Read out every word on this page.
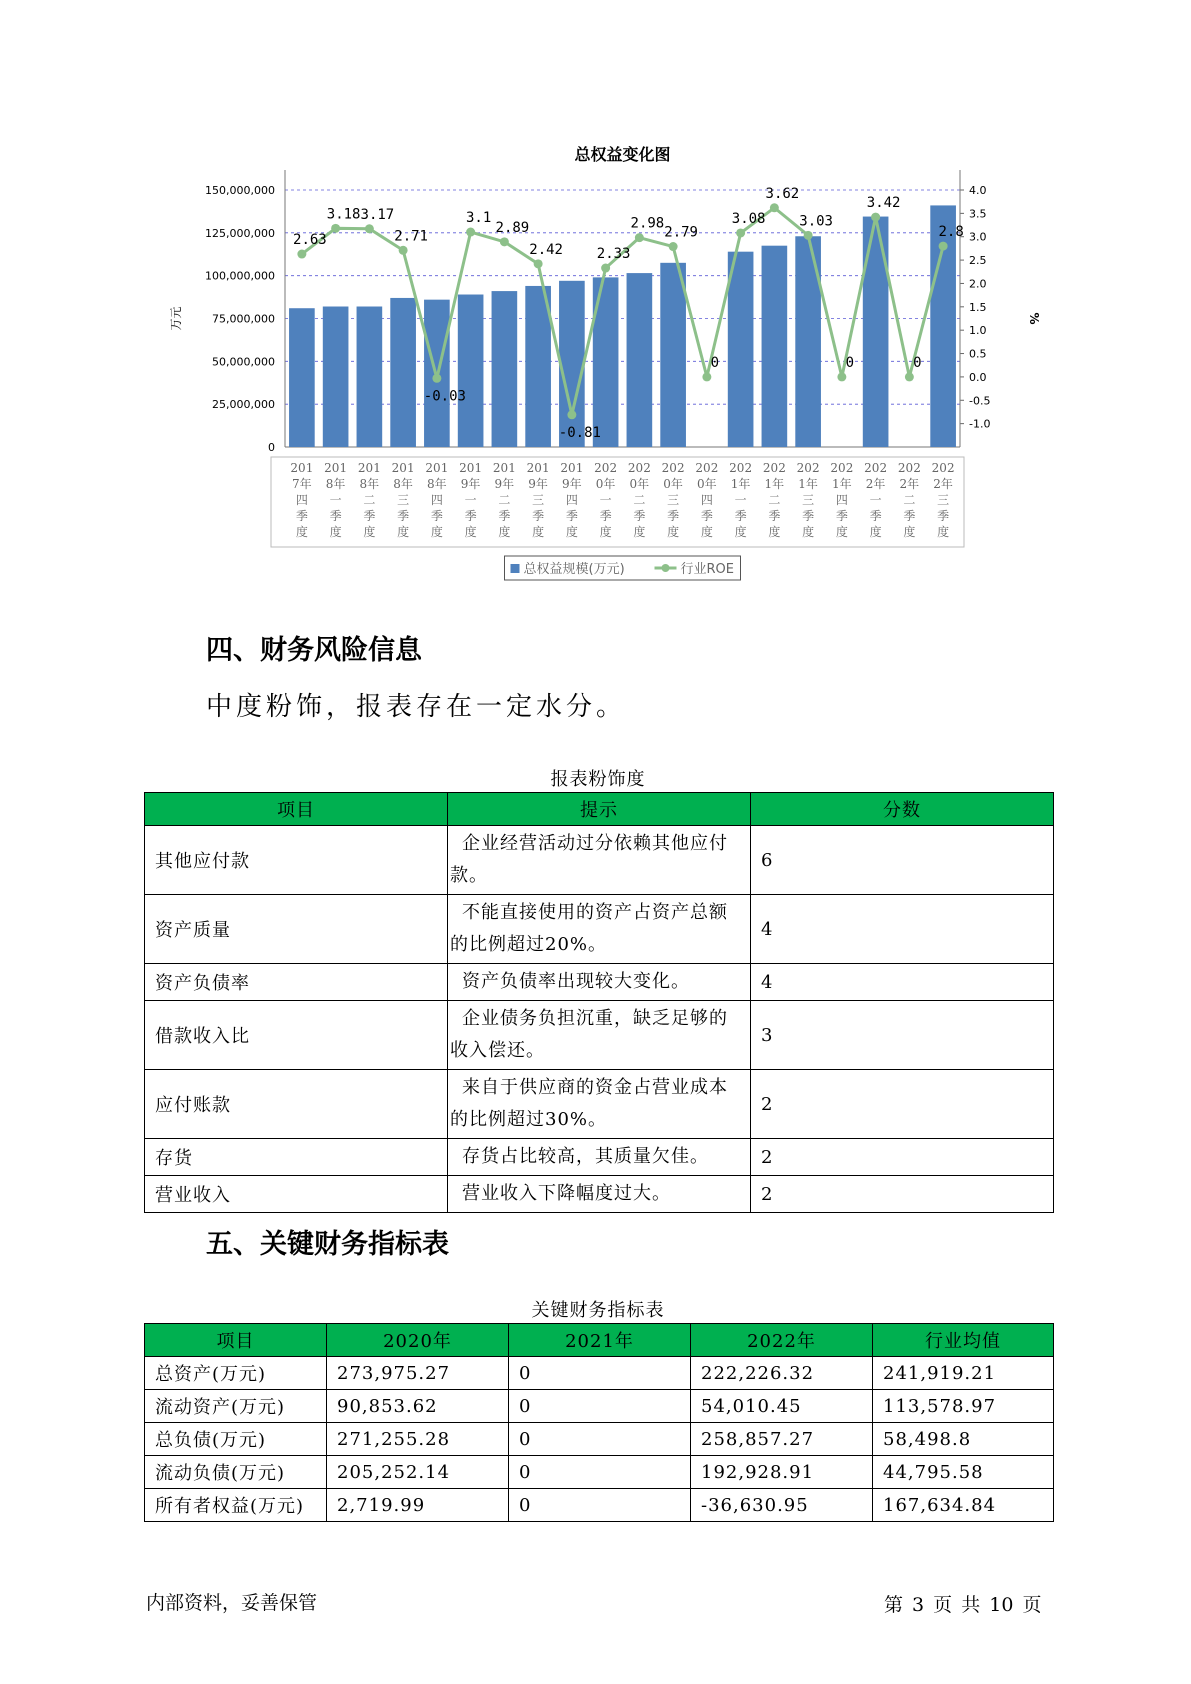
总权益变化图
0
25,000,000
50,000,000
75,000,000
100,000,000
125,000,000
150,000,000
-1.0
-0.5
0.0
0.5
1.0
1.5
2.0
2.5
3.0
3.5
4.0
万元	%
201 7年四季度
201 8年一季度
201 8年二季度
201 8年三季度
201 8年四季度
201 9年一季度
201 9年二季度
201 9年三季度
201 9年四季度
202 0年一季度
202 0年二季度
202 0年三季度
202 0年四季度
202 1年一季度
202 1年二季度
202 1年三季度
202 1年四季度
202 2年一季度
202 2年二季度
202 2年三季度
2.63
3.18 3.17
2.71
-0.03
3.1
2.89
2.42
-0.81
2.33
2.98
2.79
0
3.08
3.62
3.03
0
3.42
0
2.8
总权益规模(万元)	行业ROE
四、财务风险信息

中度粉饰，报表存在一定水分。

报表粉饰度
项目	提示	分数
其他应付款	企业经营活动过分依赖其他应付款。	6
资产质量	不能直接使用的资产占资产总额的比例超过20%。	4
资产负债率	资产负债率出现较大变化。	4
借款收入比	企业债务负担沉重，缺乏足够的收入偿还。	3
应付账款	来自于供应商的资金占营业成本的比例超过30%。	2
存货	存货占比较高，其质量欠佳。	2
营业收入	营业收入下降幅度过大。	2
五、关键财务指标表
关键财务指标表
项目	2020年	2021年	2022年	行业均值
总资产(万元)	273,975.27	0	222,226.32	241,919.21
流动资产(万元)	90,853.62	0	54,010.45	113,578.97
总负债(万元)	271,255.28	0	258,857.27	58,498.8
流动负债(万元)	205,252.14	0	192,928.91	44,795.58
所有者权益(万元)	2,719.99	0	-36,630.95	167,634.84
内部资料，妥善保管	第 3 页 共 10 页
